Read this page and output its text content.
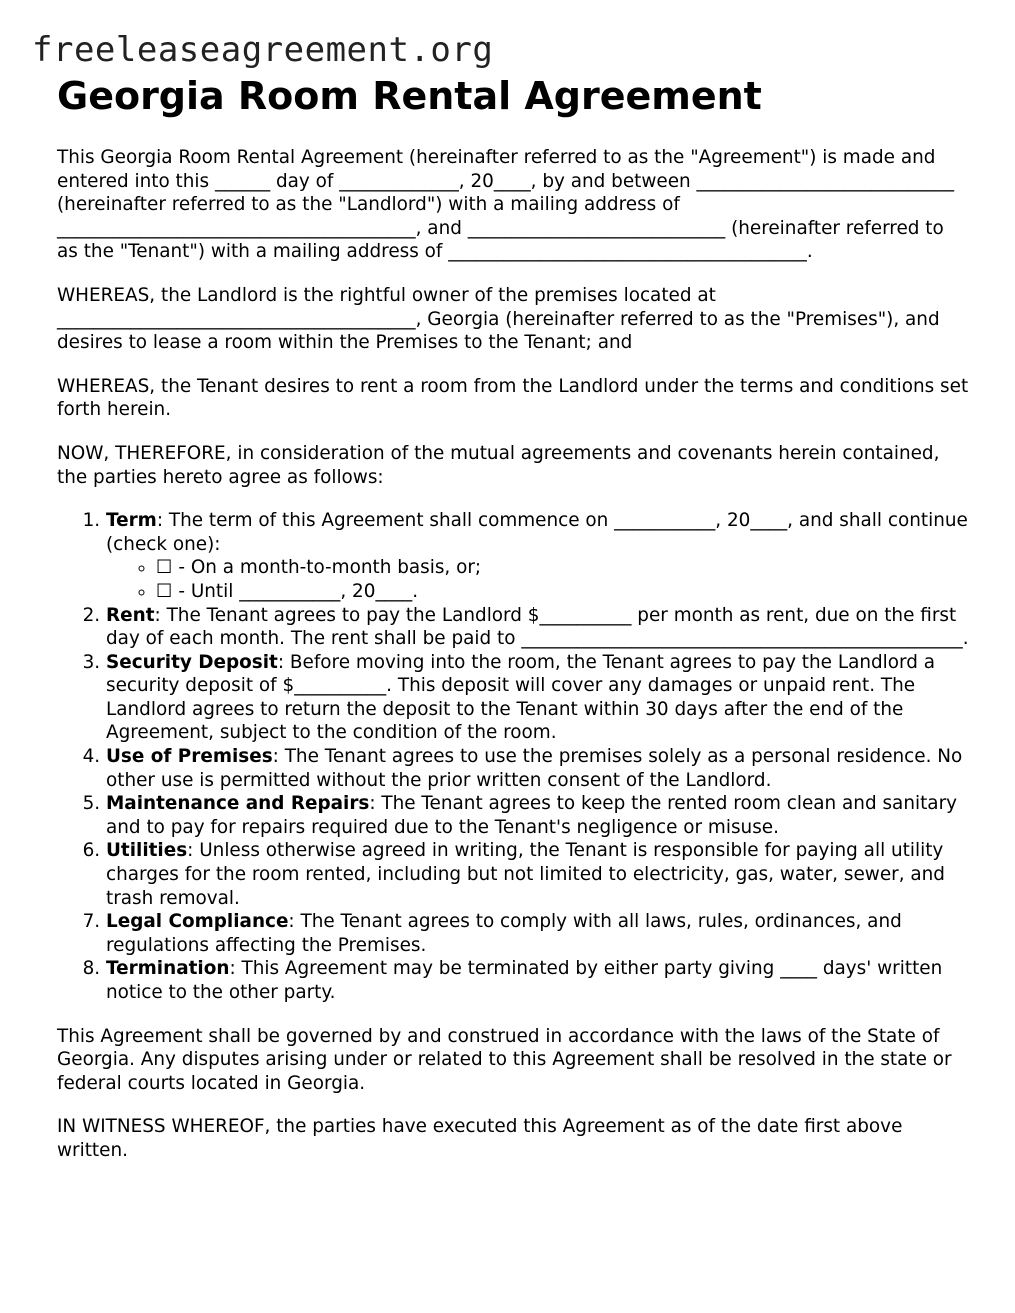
freeleaseagreement.org
Georgia Room Rental Agreement

This Georgia Room Rental Agreement (hereinafter referred to as the "Agreement") is made and entered into this ______ day of _____________, 20____, by and between ____________________________ (hereinafter referred to as the "Landlord") with a mailing address of _______________________________________, and ____________________________ (hereinafter referred to as the "Tenant") with a mailing address of _______________________________________.

WHEREAS, the Landlord is the rightful owner of the premises located at _______________________________________, Georgia (hereinafter referred to as the "Premises"), and desires to lease a room within the Premises to the Tenant; and

WHEREAS, the Tenant desires to rent a room from the Landlord under the terms and conditions set forth herein.

NOW, THEREFORE, in consideration of the mutual agreements and covenants herein contained, the parties hereto agree as follows:

1. Term: The term of this Agreement shall commence on ___________, 20____, and shall continue (check one):
◦ ☐ - On a month-to-month basis, or;
◦ ☐ - Until ___________, 20____.
2. Rent: The Tenant agrees to pay the Landlord $__________ per month as rent, due on the first day of each month. The rent shall be paid to ________________________________________________.
3. Security Deposit: Before moving into the room, the Tenant agrees to pay the Landlord a security deposit of $__________. This deposit will cover any damages or unpaid rent. The Landlord agrees to return the deposit to the Tenant within 30 days after the end of the Agreement, subject to the condition of the room.
4. Use of Premises: The Tenant agrees to use the premises solely as a personal residence. No other use is permitted without the prior written consent of the Landlord.
5. Maintenance and Repairs: The Tenant agrees to keep the rented room clean and sanitary and to pay for repairs required due to the Tenant's negligence or misuse.
6. Utilities: Unless otherwise agreed in writing, the Tenant is responsible for paying all utility charges for the room rented, including but not limited to electricity, gas, water, sewer, and trash removal.
7. Legal Compliance: The Tenant agrees to comply with all laws, rules, ordinances, and regulations affecting the Premises.
8. Termination: This Agreement may be terminated by either party giving ____ days' written notice to the other party.

This Agreement shall be governed by and construed in accordance with the laws of the State of Georgia. Any disputes arising under or related to this Agreement shall be resolved in the state or federal courts located in Georgia.

IN WITNESS WHEREOF, the parties have executed this Agreement as of the date first above written.
